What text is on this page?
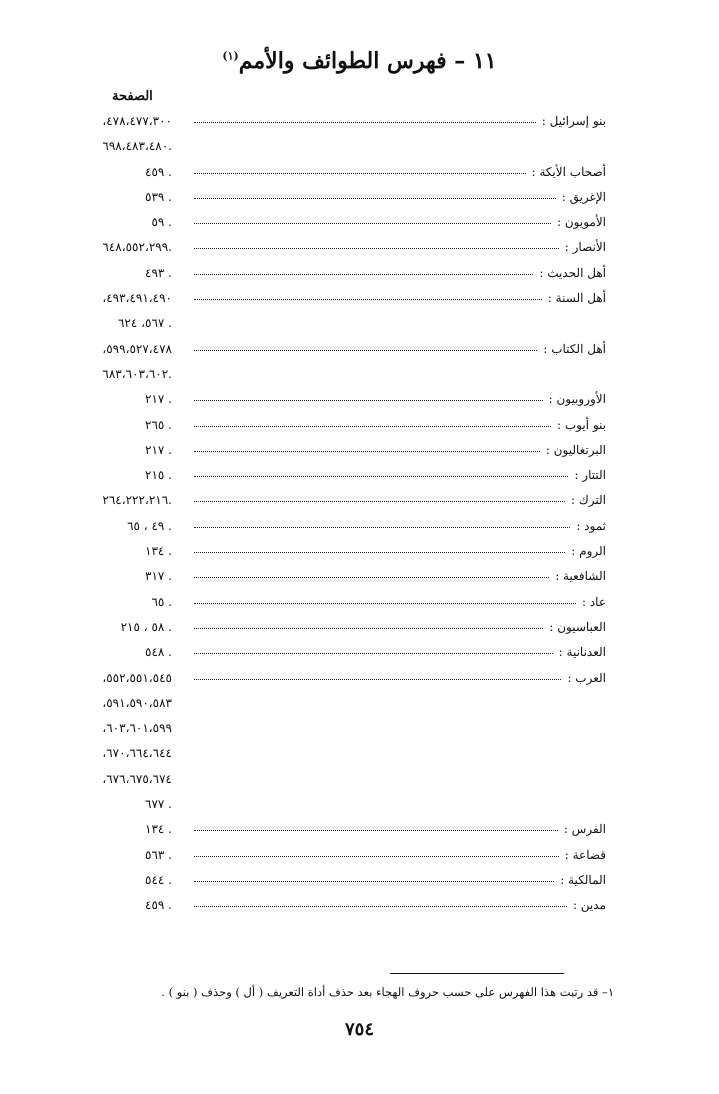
١١ – فهرس الطوائف والأمم$^{(١)}$
الصفحة
،٤٧٨،٤٧٧،٣٠٠	بنو إسرائيل :
٦٩٨،٤٨٣،٤٨٠.
٤٥٩ .	أصحاب الأيكة :
٥٣٩ .	الإغريق :
٥٩ .	الأمويون :
٦٤٨،٥٥٢،٢٩٩.	الأنصار :
٤٩٣ .	أهل الحديث :
،٤٩٣،٤٩١،٤٩٠	أهل السنة :
٥٦٧، ٦٢٤ .
،٥٩٩،٥٢٧،٤٧٨	أهل الكتاب :
٦٨٣،٦٠٣،٦٠٢.
٢١٧ .	الأوروبيون :
٢٦٥ .	بنو أيوب :
٢١٧ .	البرتغاليون :
٢١٥ .	التتار :
٢٦٤،٢٢٢،٢١٦.	الترك :
٤٩ ، ٦٥ .	ثمود :
١٣٤ .	الروم :
٣١٧ .	الشافعية :
٦٥ .	عاد :
٥٨ ، ٢١٥ .	العباسيون :
٥٤٨ .	العدنانية :
،٥٥٢،٥٥١،٥٤٥	العرب :
،٥٩١،٥٩٠،٥٨٣
،٦٠٣،٦٠١،٥٩٩
،٦٧٠،٦٦٤،٦٤٤
،٦٧٦،٦٧٥،٦٧٤
٦٧٧ .
١٣٤ .	الفرس :
٥٦٣ .	قضاعة :
٥٤٤ .	المالكية :
٤٥٩ .	مدين :
١– قد رتبت هذا الفهرس على حسب حروف الهجاء بعد حذف أداة التعريف ( أل ) وحذف ( بنو ) .
٧٥٤
